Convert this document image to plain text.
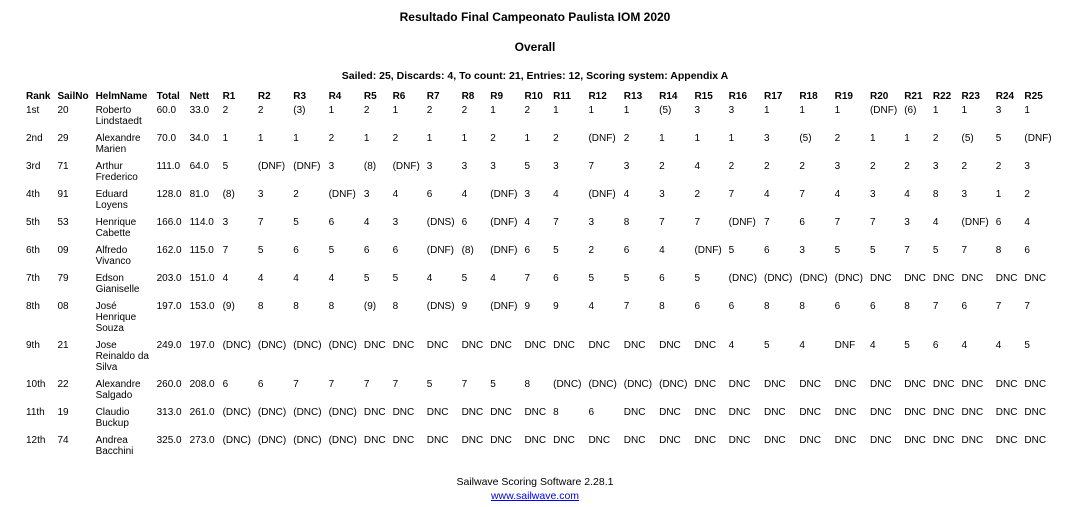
Resultado Final Campeonato Paulista IOM 2020
Overall
Sailed: 25, Discards: 4, To count: 21, Entries: 12, Scoring system: Appendix A
Rank	SailNo	HelmName	Total	Nett	R1	R2	R3	R4	R5	R6	R7	R8	R9	R10	R11	R12	R13	R14	R15	R16	R17	R18	R19	R20	R21	R22	R23	R24	R25
1st	20	Roberto Lindstaedt	60.0	33.0	2	2	(3)	1	2	1	2	2	1	2	1	1	1	(5)	3	3	1	1	1	(DNF)	(6)	1	1	3	1
2nd	29	Alexandre Marien	70.0	34.0	1	1	1	2	1	2	1	1	2	1	2	(DNF)	2	1	1	1	3	(5)	2	1	1	2	(5)	5	(DNF)
3rd	71	Arthur Frederico	111.0	64.0	5	(DNF)	(DNF)	3	(8)	(DNF)	3	3	3	5	3	7	3	2	4	2	2	2	3	2	2	3	2	2	3
4th	91	Eduard Loyens	128.0	81.0	(8)	3	2	(DNF)	3	4	6	4	(DNF)	3	4	(DNF)	4	3	2	7	4	7	4	3	4	8	3	1	2
5th	53	Henrique Cabette	166.0	114.0	3	7	5	6	4	3	(DNS)	6	(DNF)	4	7	3	8	7	7	(DNF)	7	6	7	7	3	4	(DNF)	6	4
6th	09	Alfredo Vivanco	162.0	115.0	7	5	6	5	6	6	(DNF)	(8)	(DNF)	6	5	2	6	4	(DNF)	5	6	3	5	5	7	5	7	8	6
7th	79	Edson Gianiselle	203.0	151.0	4	4	4	4	5	5	4	5	4	7	6	5	5	6	5	(DNC)	(DNC)	(DNC)	(DNC)	DNC	DNC	DNC	DNC	DNC	DNC
8th	08	José Henrique Souza	197.0	153.0	(9)	8	8	8	(9)	8	(DNS)	9	(DNF)	9	9	4	7	8	6	6	8	8	6	6	8	7	6	7	7
9th	21	Jose Reinaldo da Silva	249.0	197.0	(DNC)	(DNC)	(DNC)	(DNC)	DNC	DNC	DNC	DNC	DNC	DNC	DNC	DNC	DNC	DNC	DNC	4	5	4	DNF	4	5	6	4	4	5
10th	22	Alexandre Salgado	260.0	208.0	6	6	7	7	7	7	5	7	5	8	(DNC)	(DNC)	(DNC)	(DNC)	DNC	DNC	DNC	DNC	DNC	DNC	DNC	DNC	DNC	DNC	DNC
11th	19	Claudio Buckup	313.0	261.0	(DNC)	(DNC)	(DNC)	(DNC)	DNC	DNC	DNC	DNC	DNC	DNC	8	6	DNC	DNC	DNC	DNC	DNC	DNC	DNC	DNC	DNC	DNC	DNC	DNC	DNC
12th	74	Andrea Bacchini	325.0	273.0	(DNC)	(DNC)	(DNC)	(DNC)	DNC	DNC	DNC	DNC	DNC	DNC	DNC	DNC	DNC	DNC	DNC	DNC	DNC	DNC	DNC	DNC	DNC	DNC	DNC	DNC	DNC
Sailwave Scoring Software 2.28.1
www.sailwave.com
